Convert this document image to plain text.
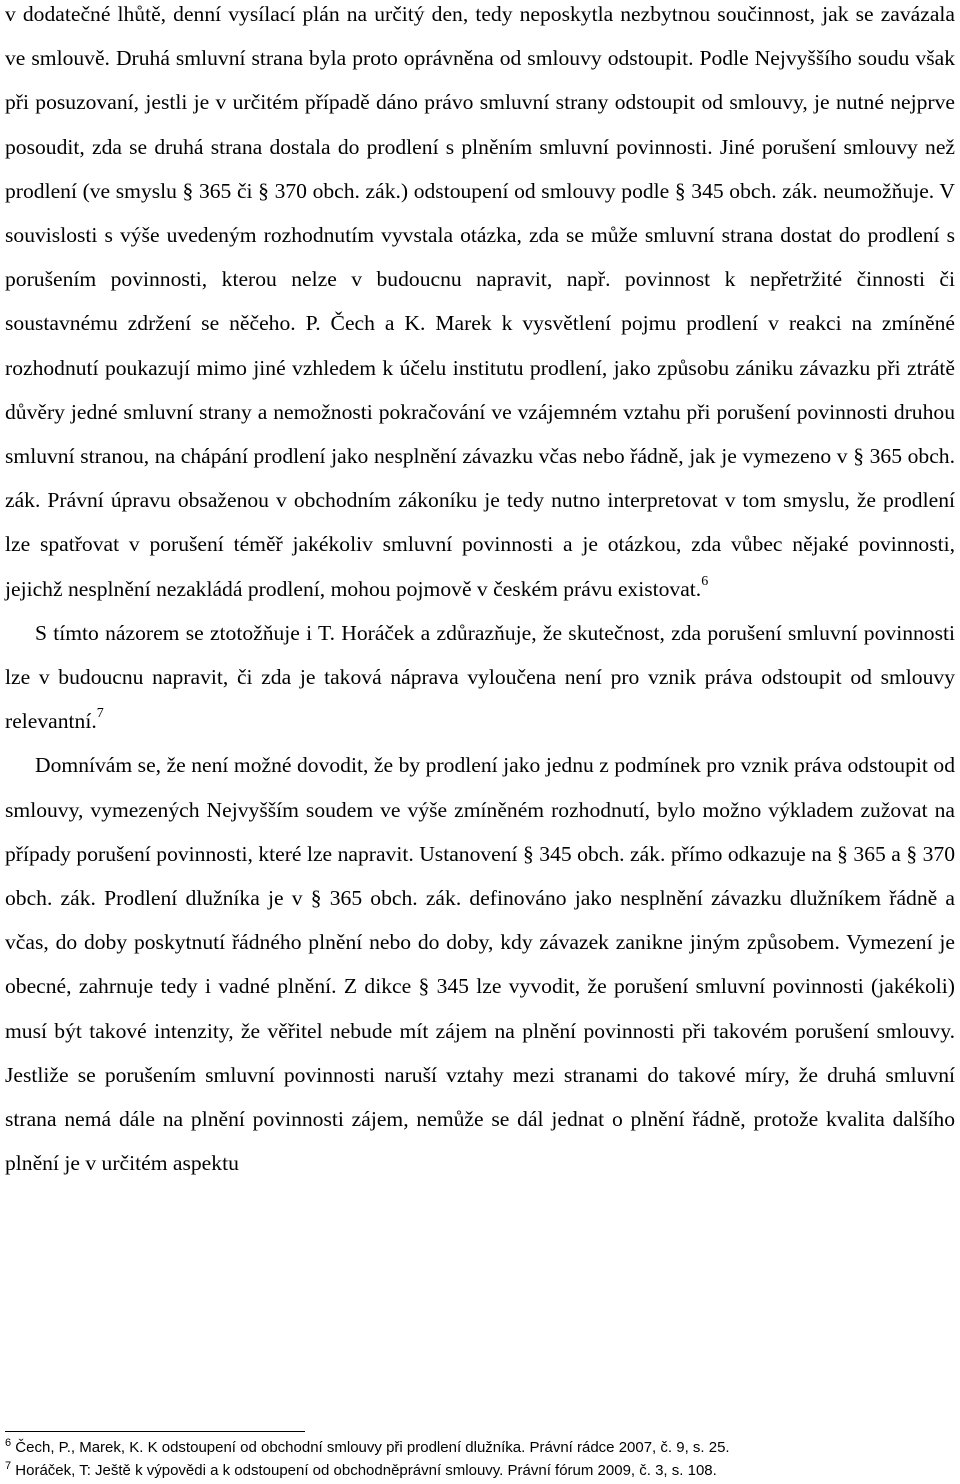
v dodatečné lhůtě, denní vysílací plán na určitý den, tedy neposkytla nezbytnou součinnost, jak se zavázala ve smlouvě. Druhá smluvní strana byla proto oprávněna od smlouvy odstoupit. Podle Nejvyššího soudu však při posuzovaní, jestli je v určitém případě dáno právo smluvní strany odstoupit od smlouvy, je nutné nejprve posoudit, zda se druhá strana dostala do prodlení s plněním smluvní povinnosti. Jiné porušení smlouvy než prodlení (ve smyslu § 365 či § 370 obch. zák.) odstoupení od smlouvy podle § 345 obch. zák. neumožňuje. V souvislosti s výše uvedeným rozhodnutím vyvstala otázka, zda se může smluvní strana dostat do prodlení s porušením povinnosti, kterou nelze v budoucnu napravit, např. povinnost k nepřetržité činnosti či soustavnému zdržení se něčeho. P. Čech a K. Marek k vysvětlení pojmu prodlení v reakci na zmíněné rozhodnutí poukazují mimo jiné vzhledem k účelu institutu prodlení, jako způsobu zániku závazku při ztrátě důvěry jedné smluvní strany a nemožnosti pokračování ve vzájemném vztahu při porušení povinnosti druhou smluvní stranou, na chápání prodlení jako nesplnění závazku včas nebo řádně, jak je vymezeno v § 365 obch. zák. Právní úpravu obsaženou v obchodním zákoníku je tedy nutno interpretovat v tom smyslu, že prodlení lze spatřovat v porušení téměř jakékoliv smluvní povinnosti a je otázkou, zda vůbec nějaké povinnosti, jejichž nesplnění nezakládá prodlení, mohou pojmově v českém právu existovat.$^6$

S tímto názorem se ztotožňuje i T. Horáček a zdůrazňuje, že skutečnost, zda porušení smluvní povinnosti lze v budoucnu napravit, či zda je taková náprava vyloučena není pro vznik práva odstoupit od smlouvy relevantní.$^7$

Domnívám se, že není možné dovodit, že by prodlení jako jednu z podmínek pro vznik práva odstoupit od smlouvy, vymezených Nejvyšším soudem ve výše zmíněném rozhodnutí, bylo možno výkladem zužovat na případy porušení povinnosti, které lze napravit. Ustanovení § 345 obch. zák. přímo odkazuje na § 365 a § 370 obch. zák. Prodlení dlužníka je v § 365 obch. zák. definováno jako nesplnění závazku dlužníkem řádně a včas, do doby poskytnutí řádného plnění nebo do doby, kdy závazek zanikne jiným způsobem. Vymezení je obecné, zahrnuje tedy i vadné plnění. Z dikce § 345 lze vyvodit, že porušení smluvní povinnosti (jakékoli) musí být takové intenzity, že věřitel nebude mít zájem na plnění povinnosti při takovém porušení smlouvy. Jestliže se porušením smluvní povinnosti naruší vztahy mezi stranami do takové míry, že druhá smluvní strana nemá dále na plnění povinnosti zájem, nemůže se dál jednat o plnění řádně, protože kvalita dalšího plnění je v určitém aspektu

$^6$ Čech, P., Marek, K. K odstoupení od obchodní smlouvy při prodlení dlužníka. Právní rádce 2007, č. 9, s. 25.
$^7$ Horáček, T: Ještě k výpovědi a k odstoupení od obchodněprávní smlouvy. Právní fórum 2009, č. 3, s. 108.
